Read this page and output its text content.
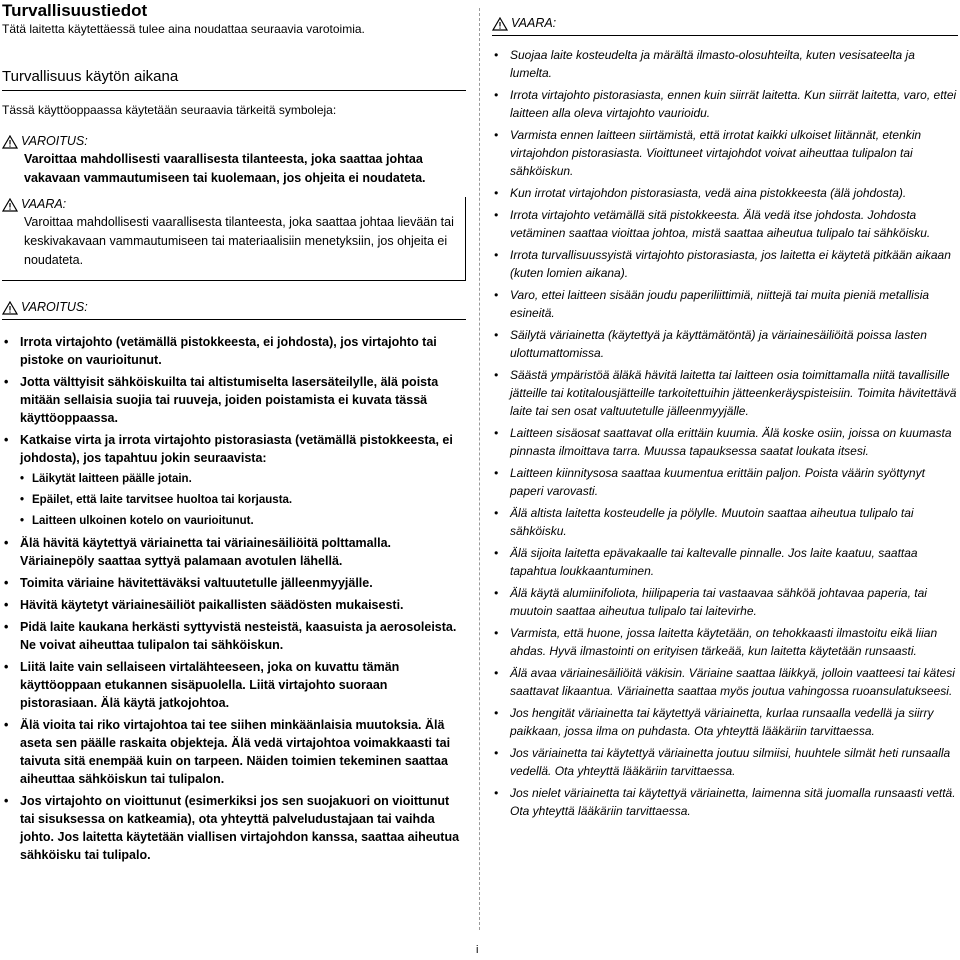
Turvallisuustiedot
Tätä laitetta käytettäessä tulee aina noudattaa seuraavia varotoimia.
Turvallisuus käytön aikana
Tässä käyttöoppaassa käytetään seuraavia tärkeitä symboleja:
VAROITUS:
Varoittaa mahdollisesti vaarallisesta tilanteesta, joka saattaa johtaa vakavaan vammautumiseen tai kuolemaan, jos ohjeita ei noudateta.
VAARA:
Varoittaa mahdollisesti vaarallisesta tilanteesta, joka saattaa johtaa lievään tai keskivakavaan vammautumiseen tai materiaalisiin menetyksiin, jos ohjeita ei noudateta.
VAROITUS:
• Irrota virtajohto (vetämällä pistokkeesta, ei johdosta), jos virtajohto tai pistoke on vaurioitunut.
• Jotta välttyisit sähköiskuilta tai altistumiselta lasersäteilylle, älä poista mitään sellaisia suojia tai ruuveja, joiden poistamista ei kuvata tässä käyttöoppaassa.
• Katkaise virta ja irrota virtajohto pistorasiasta (vetämällä pistokkeesta, ei johdosta), jos tapahtuu jokin seuraavista:
• Läikytät laitteen päälle jotain.
• Epäilet, että laite tarvitsee huoltoa tai korjausta.
• Laitteen ulkoinen kotelo on vaurioitunut.
• Älä hävitä käytettyä väriainetta tai väriainesäiliöitä polttamalla. Väriainepöly saattaa syttyä palamaan avotulen lähellä.
• Toimita väriaine hävitettäväksi valtuutetulle jälleenmyyjälle.
• Hävitä käytetyt väriainesäiliöt paikallisten säädösten mukaisesti.
• Pidä laite kaukana herkästi syttyvistä nesteistä, kaasuista ja aerosoleista. Ne voivat aiheuttaa tulipalon tai sähköiskun.
• Liitä laite vain sellaiseen virtalähteeseen, joka on kuvattu tämän käyttöoppaan etukannen sisäpuolella. Liitä virtajohto suoraan pistorasiaan. Älä käytä jatkojohtoa.
• Älä vioita tai riko virtajohtoa tai tee siihen minkäänlaisia muutoksia. Älä aseta sen päälle raskaita objekteja. Älä vedä virtajohtoa voimakkaasti tai taivuta sitä enempää kuin on tarpeen. Näiden toimien tekeminen saattaa aiheuttaa sähköiskun tai tulipalon.
• Jos virtajohto on vioittunut (esimerkiksi jos sen suojakuori on vioittunut tai sisuksessa on katkeamia), ota yhteyttä palveludustajaan tai vaihda johto. Jos laitetta käytetään viallisen virtajohdon kanssa, saattaa aiheutua sähköisku tai tulipalo.
VAARA:
• Suojaa laite kosteudelta ja märältä ilmasto-olosuhteilta, kuten vesisateelta ja lumelta.
• Irrota virtajohto pistorasiasta, ennen kuin siirrät laitetta. Kun siirrät laitetta, varo, ettei laitteen alla oleva virtajohto vaurioidu.
• Varmista ennen laitteen siirtämistä, että irrotat kaikki ulkoiset liitännät, etenkin virtajohdon pistorasiasta. Vioittuneet virtajohdot voivat aiheuttaa tulipalon tai sähköiskun.
• Kun irrotat virtajohdon pistorasiasta, vedä aina pistokkeesta (älä johdosta).
• Irrota virtajohto vetämällä sitä pistokkeesta. Älä vedä itse johdosta. Johdosta vetäminen saattaa vioittaa johtoa, mistä saattaa aiheutua tulipalo tai sähköisku.
• Irrota turvallisuussyistä virtajohto pistorasiasta, jos laitetta ei käytetä pitkään aikaan (kuten lomien aikana).
• Varo, ettei laitteen sisään joudu paperiliittimiä, niittejä tai muita pieniä metallisia esineitä.
• Säilytä väriainetta (käytettyä ja käyttämätöntä) ja väriainesäiliöitä poissa lasten ulottumattomissa.
• Säästä ympäristöä äläkä hävitä laitetta tai laitteen osia toimittamalla niitä tavallisille jätteille tai kotitalousjätteille tarkoitettuihin jätteenkeräyspisteisiin. Toimita hävitettävä laite tai sen osat valtuutetulle jälleenmyyjälle.
• Laitteen sisäosat saattavat olla erittäin kuumia. Älä koske osiin, joissa on kuumasta pinnasta ilmoittava tarra. Muussa tapauksessa saatat loukata itsesi.
• Laitteen kiinnitysosa saattaa kuumentua erittäin paljon. Poista väärin syöttynyt paperi varovasti.
• Älä altista laitetta kosteudelle ja pölylle. Muutoin saattaa aiheutua tulipalo tai sähköisku.
• Älä sijoita laitetta epävakaalle tai kaltevalle pinnalle. Jos laite kaatuu, saattaa tapahtua loukkaantuminen.
• Älä käytä alumiinifoliota, hiilipaperia tai vastaavaa sähköä johtavaa paperia, tai muutoin saattaa aiheutua tulipalo tai laitevirhe.
• Varmista, että huone, jossa laitetta käytetään, on tehokkaasti ilmastoitu eikä liian ahdas. Hyvä ilmastointi on erityisen tärkeää, kun laitetta käytetään runsaasti.
• Älä avaa väriainesäiliöitä väkisin. Väriaine saattaa läikkyä, jolloin vaatteesi tai kätesi saattavat likaantua. Väriainetta saattaa myös joutua vahingossa ruoansulatukseesi.
• Jos hengität väriainetta tai käytettyä väriainetta, kurlaa runsaalla vedellä ja siirry paikkaan, jossa ilma on puhdasta. Ota yhteyttä lääkäriin tarvittaessa.
• Jos väriainetta tai käytettyä väriainetta joutuu silmiisi, huuhtele silmät heti runsaalla vedellä. Ota yhteyttä lääkäriin tarvittaessa.
• Jos nielet väriainetta tai käytettyä väriainetta, laimenna sitä juomalla runsaasti vettä. Ota yhteyttä lääkäriin tarvittaessa.
i
